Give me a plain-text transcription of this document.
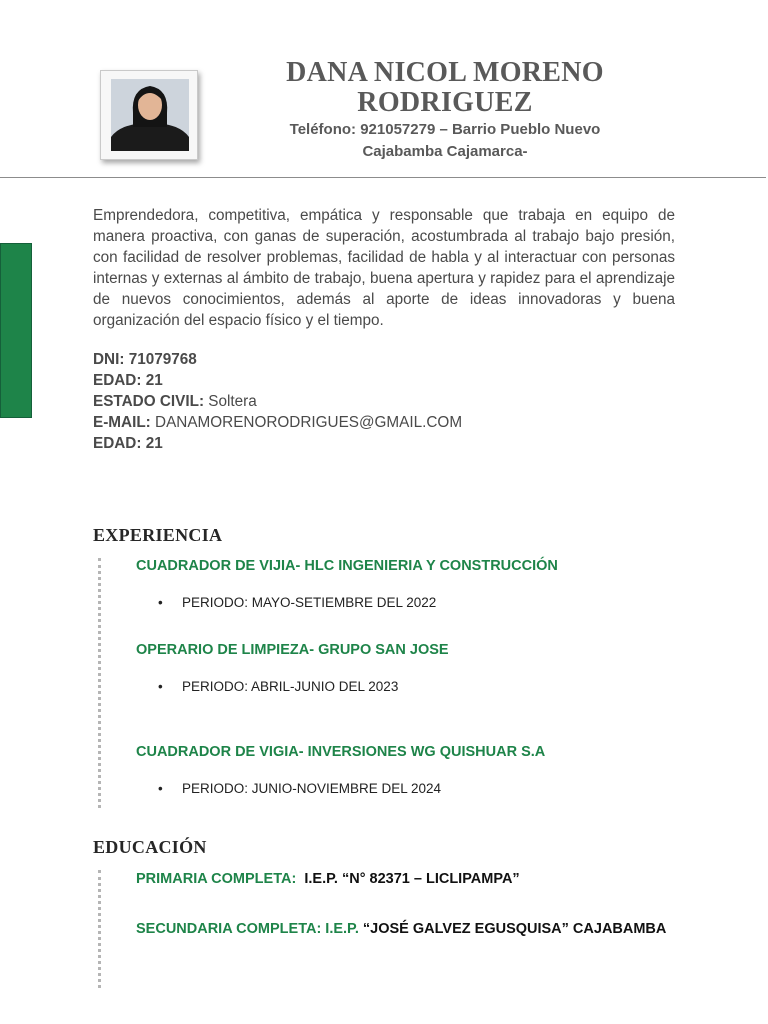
DANA NICOL MORENO
RODRIGUEZ

Teléfono: 921057279 – Barrio Pueblo Nuevo
Cajabamba Cajamarca-

Emprendedora, competitiva, empática y responsable que trabaja en equipo de manera proactiva, con ganas de superación, acostumbrada al trabajo bajo presión, con facilidad de resolver problemas, facilidad de habla y al interactuar con personas internas y externas al ámbito de trabajo, buena apertura y rapidez para el aprendizaje de nuevos conocimientos, además al aporte de ideas innovadoras y buena organización del espacio físico y el tiempo.

DNI: 71079768
EDAD: 21
ESTADO CIVIL: Soltera
E-MAIL: DANAMORENORODRIGUES@GMAIL.COM
EDAD: 21
EXPERIENCIA
CUADRADOR DE VIJIA- HLC INGENIERIA Y CONSTRUCCIÓN
• PERIODO: MAYO-SETIEMBRE DEL 2022
OPERARIO DE LIMPIEZA- GRUPO SAN JOSE
• PERIODO: ABRIL-JUNIO DEL 2023
CUADRADOR DE VIGIA- INVERSIONES WG QUISHUAR S.A
• PERIODO: JUNIO-NOVIEMBRE DEL 2024
EDUCACIÓN
PRIMARIA COMPLETA:  I.E.P. “N° 82371 – LICLIPAMPA”
SECUNDARIA COMPLETA: I.E.P. “JOSÉ GALVEZ EGUSQUISA” CAJABAMBA
